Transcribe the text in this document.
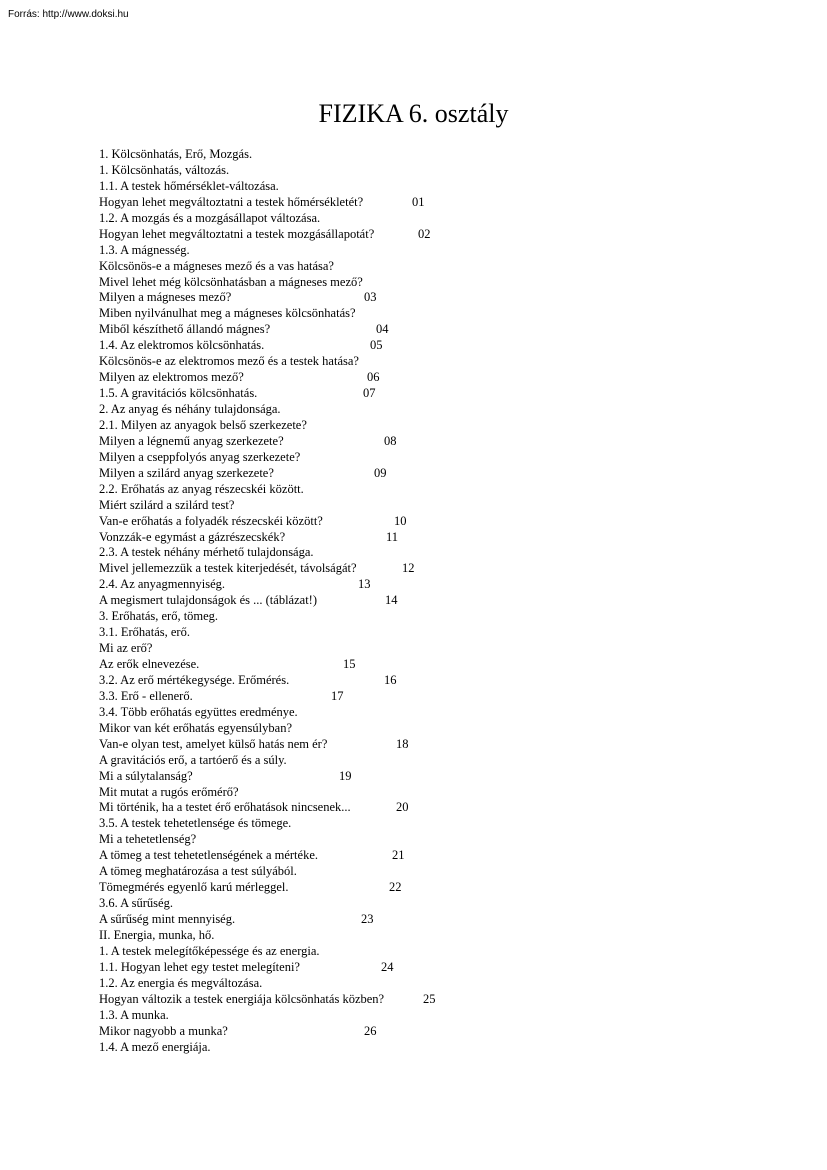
Forrás: http://www.doksi.hu
FIZIKA 6. osztály
1. Kölcsönhatás, Erő, Mozgás.
1. Kölcsönhatás, változás.
1.1. A testek hőmérséklet-változása.
Hogyan lehet megváltoztatni a testek hőmérsékletét?	01
1.2. A mozgás és a mozgásállapot változása.
Hogyan lehet megváltoztatni a testek mozgásállapotát?	02
1.3. A mágnesség.
Kölcsönös-e a mágneses mező és a vas hatása?
Mivel lehet még kölcsönhatásban a mágneses mező?
Milyen a mágneses mező?	03
Miben nyilvánulhat meg a mágneses kölcsönhatás?
Miből készíthető állandó mágnes?	04
1.4. Az elektromos kölcsönhatás.	05
Kölcsönös-e az elektromos mező és a testek hatása?
Milyen az elektromos mező?	06
1.5. A gravitációs kölcsönhatás.	07
2. Az anyag és néhány tulajdonsága.
2.1. Milyen az anyagok belső szerkezete?
Milyen a légnemű anyag szerkezete?	08
Milyen a cseppfolyós anyag szerkezete?
Milyen a szilárd anyag szerkezete?	09
2.2. Erőhatás az anyag részecskéi között.
Miért szilárd a szilárd test?
Van-e erőhatás a folyadék részecskéi között?	10
Vonzzák-e egymást a gázrészecskék?	11
2.3. A testek néhány mérhető tulajdonsága.
Mivel jellemezzük a testek kiterjedését, távolságát?	12
2.4. Az anyagmennyiség.	13
A megismert tulajdonságok és ... (táblázat!)	14
3. Erőhatás, erő, tömeg.
3.1. Erőhatás, erő.
Mi az erő?
Az erők elnevezése.	15
3.2. Az erő mértékegysége. Erőmérés.	16
3.3. Erő - ellenerő.	17
3.4. Több erőhatás együttes eredménye.
Mikor van két erőhatás egyensúlyban?
Van-e olyan test, amelyet külső hatás nem ér?	18
A gravitációs erő, a tartóerő és a súly.
Mi a súlytalanság?	19
Mit mutat a rugós erőmérő?
Mi történik, ha a testet érő erőhatások nincsenek...	20
3.5. A testek tehetetlensége és tömege.
Mi a tehetetlenség?
A tömeg a test tehetetlenségének a mértéke.	21
A tömeg meghatározása a test súlyából.
Tömegmérés egyenlő karú mérleggel.	22
3.6. A sűrűség.
A sűrűség mint mennyiség.	23
II. Energia, munka, hő.
1. A testek melegítőképessége és az energia.
1.1. Hogyan lehet egy testet melegíteni?	24
1.2. Az energia és megváltozása.
Hogyan változik a testek energiája kölcsönhatás közben?	25
1.3. A munka.
Mikor nagyobb a munka?	26
1.4. A mező energiája.
